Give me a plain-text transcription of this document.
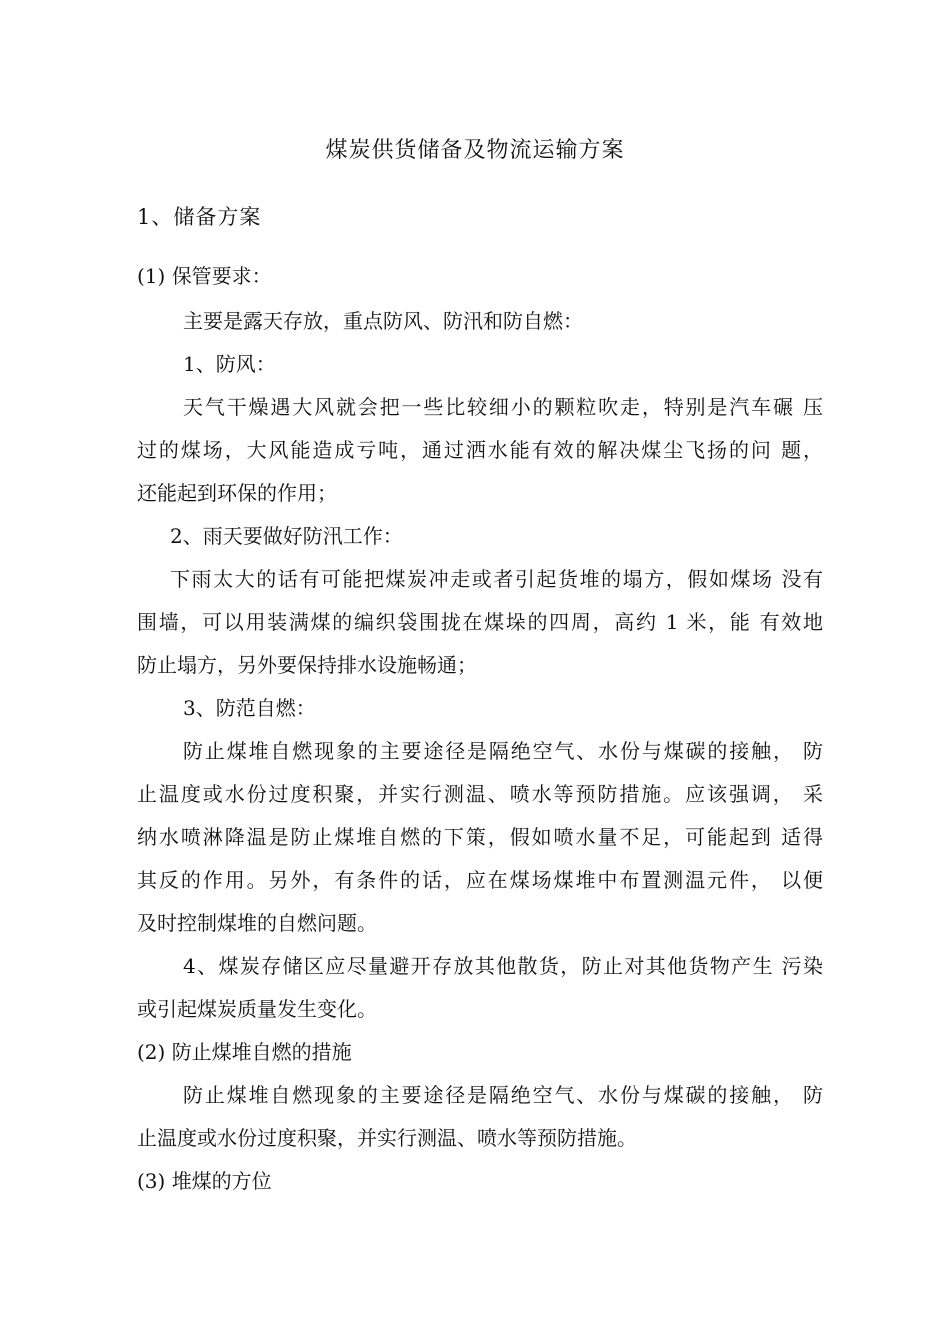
煤炭供货储备及物流运输方案
1、储备方案
(1) 保管要求：
主要是露天存放，重点防风、防汛和防自燃：
1、防风：
天气干燥遇大风就会把一些比较细小的颗粒吹走，特别是汽车碾 压
过的煤场，大风能造成亏吨，通过洒水能有效的解决煤尘飞扬的问 题，
还能起到环保的作用；
2、雨天要做好防汛工作：
下雨太大的话有可能把煤炭冲走或者引起货堆的塌方，假如煤场 没有
围墙，可以用装满煤的编织袋围拢在煤垛的四周，高约 1 米，能 有效地
防止塌方，另外要保持排水设施畅通；
3、防范自燃：
防止煤堆自燃现象的主要途径是隔绝空气、水份与煤碳的接触， 防
止温度或水份过度积聚，并实行测温、喷水等预防措施。应该强调， 采
纳水喷淋降温是防止煤堆自燃的下策，假如喷水量不足，可能起到 适得
其反的作用。另外，有条件的话，应在煤场煤堆中布置测温元件， 以便
及时控制煤堆的自燃问题。
4、煤炭存储区应尽量避开存放其他散货，防止对其他货物产生 污染
或引起煤炭质量发生变化。
(2) 防止煤堆自燃的措施
防止煤堆自燃现象的主要途径是隔绝空气、水份与煤碳的接触， 防
止温度或水份过度积聚，并实行测温、喷水等预防措施。
(3) 堆煤的方位
